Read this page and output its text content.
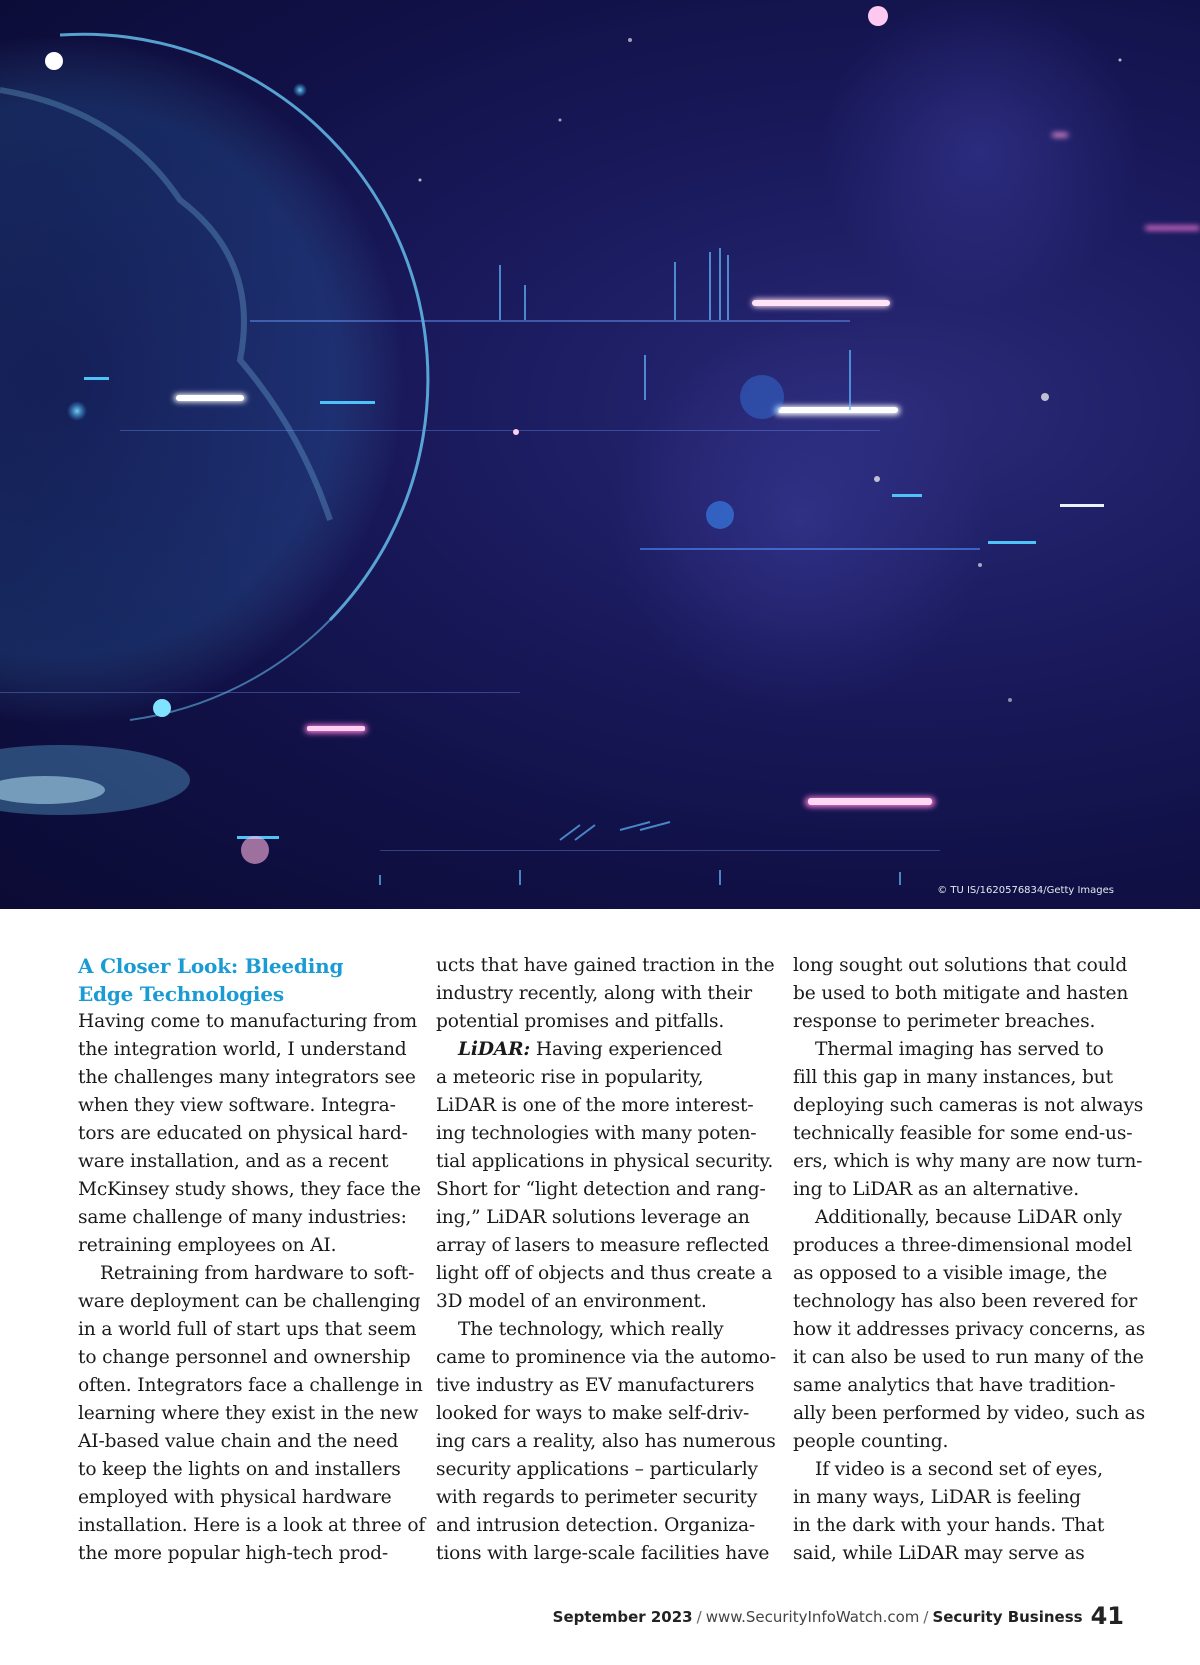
© TU IS/1620576834/Getty Images
A Closer Look: Bleeding
Edge Technologies
Having come to manufacturing from
the integration world, I understand
the challenges many integrators see
when they view software. Integra-
tors are educated on physical hard-
ware installation, and as a recent
McKinsey study shows, they face the
same challenge of many industries:
retraining employees on AI.
Retraining from hardware to soft-
ware deployment can be challenging
in a world full of start ups that seem
to change personnel and ownership
often. Integrators face a challenge in
learning where they exist in the new
AI-based value chain and the need
to keep the lights on and installers
employed with physical hardware
installation. Here is a look at three of
the more popular high-tech prod-
ucts that have gained traction in the
industry recently, along with their
potential promises and pitfalls.
LiDAR: Having experienced
a meteoric rise in popularity,
LiDAR is one of the more interest-
ing technologies with many poten-
tial applications in physical security.
Short for “light detection and rang-
ing,” LiDAR solutions leverage an
array of lasers to measure reflected
light off of objects and thus create a
3D model of an environment.
The technology, which really
came to prominence via the automo-
tive industry as EV manufacturers
looked for ways to make self-driv-
ing cars a reality, also has numerous
security applications – particularly
with regards to perimeter security
and intrusion detection. Organiza-
tions with large-scale facilities have
long sought out solutions that could
be used to both mitigate and hasten
response to perimeter breaches.
Thermal imaging has served to
fill this gap in many instances, but
deploying such cameras is not always
technically feasible for some end-us-
ers, which is why many are now turn-
ing to LiDAR as an alternative.
Additionally, because LiDAR only
produces a three-dimensional model
as opposed to a visible image, the
technology has also been revered for
how it addresses privacy concerns, as
it can also be used to run many of the
same analytics that have tradition-
ally been performed by video, such as
people counting.
If video is a second set of eyes,
in many ways, LiDAR is feeling
in the dark with your hands. That
said, while LiDAR may serve as
September 2023 / www.SecurityInfoWatch.com / Security Business 41
